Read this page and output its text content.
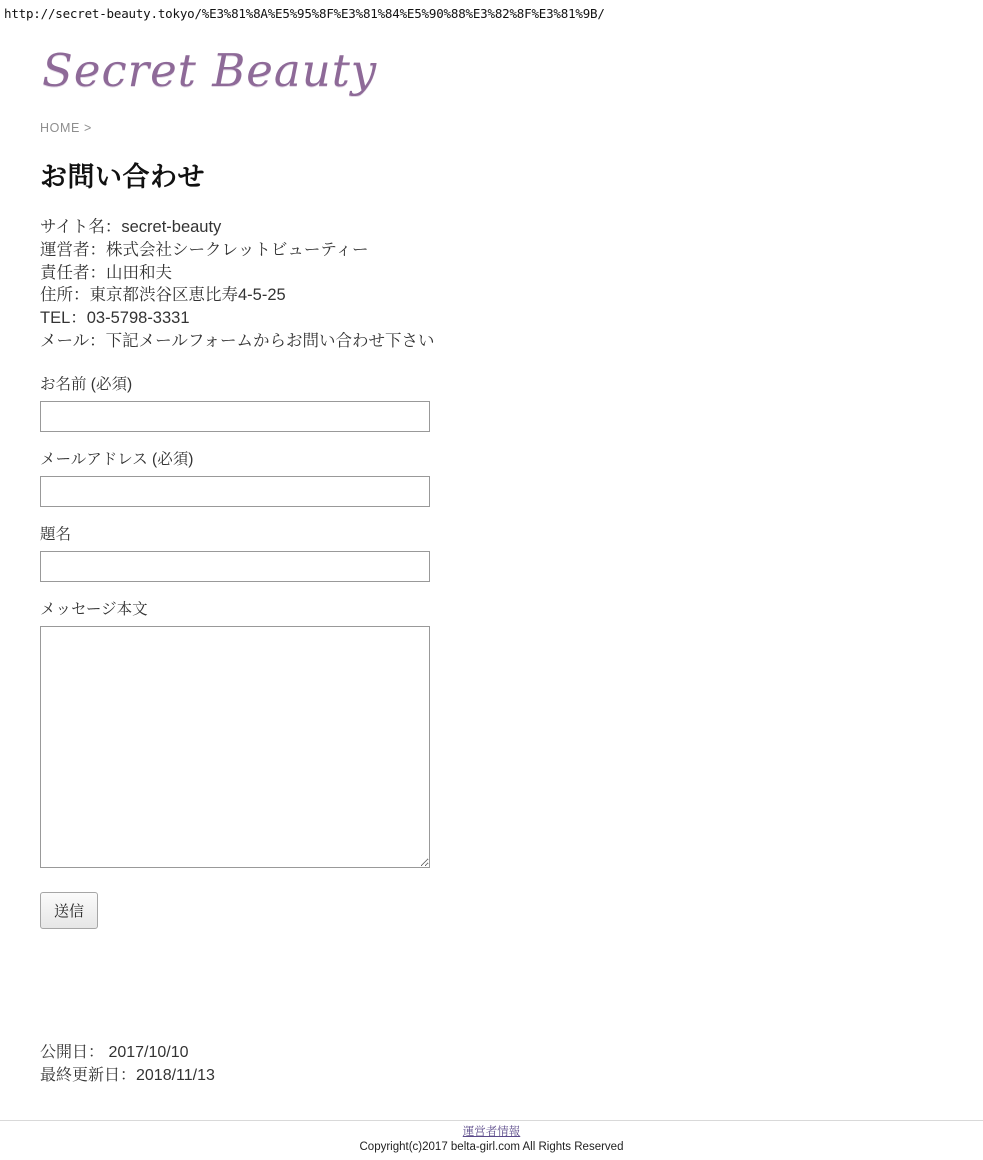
http://secret-beauty.tokyo/%E3%81%8A%E5%95%8F%E3%81%84%E5%90%88%E3%82%8F%E3%81%9B/
Secret Beauty
HOME >
お問い合わせ
サイト名：secret-beauty
運営者：株式会社シークレットビューティー
責任者：山田和夫
住所：東京都渋谷区恵比寿4-5-25
TEL：03-5798-3331
メール：下記メールフォームからお問い合わせ下さい
お名前 (必須)
メールアドレス (必須)
題名
メッセージ本文
送信
公開日： 2017/10/10
最終更新日：2018/11/13
運営者情報
Copyright(c)2017 belta-girl.com All Rights Reserved
